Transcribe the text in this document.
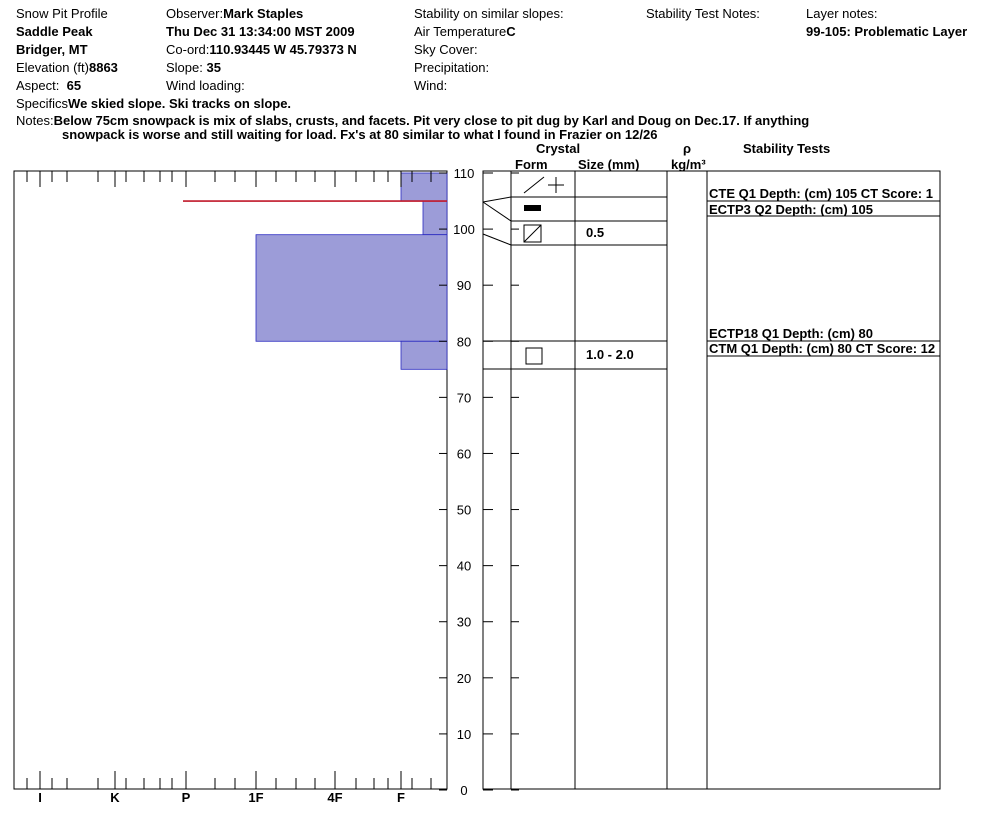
Snow Pit Profile
Saddle Peak
Bridger, MT
Elevation (ft)8863
Aspect: 65
SpecificsWe skied slope. Ski tracks on slope.
Observer:Mark Staples
Thu Dec 31 13:34:00 MST 2009
Co-ord:110.93445 W 45.79373 N
Slope: 35
Wind loading:
Stability on similar slopes:
Air TemperatureC
Sky Cover:
Precipitation:
Wind:
Stability Test Notes:	Layer notes:
99-105: Problematic Layer
Notes:Below 75cm snowpack is mix of slabs, crusts, and facets. Pit very close to pit dug by Karl and Doug on Dec.17. If anything
snowpack is worse and still waiting for load. Fx's at 80 similar to what I found in Frazier on 12/26
Crystal
Form Size (mm)
ρ
kg/m³
Stability Tests
I	K	P	1F	4F	F	0
10
20
30
40
50
60
70
80
90
100
110
0.5
1.0 - 2.0
CTE Q1 Depth: (cm) 105 CT Score: 1
ECTP3 Q2 Depth: (cm) 105
ECTP18 Q1 Depth: (cm) 80
CTM Q1 Depth: (cm) 80 CT Score: 12
